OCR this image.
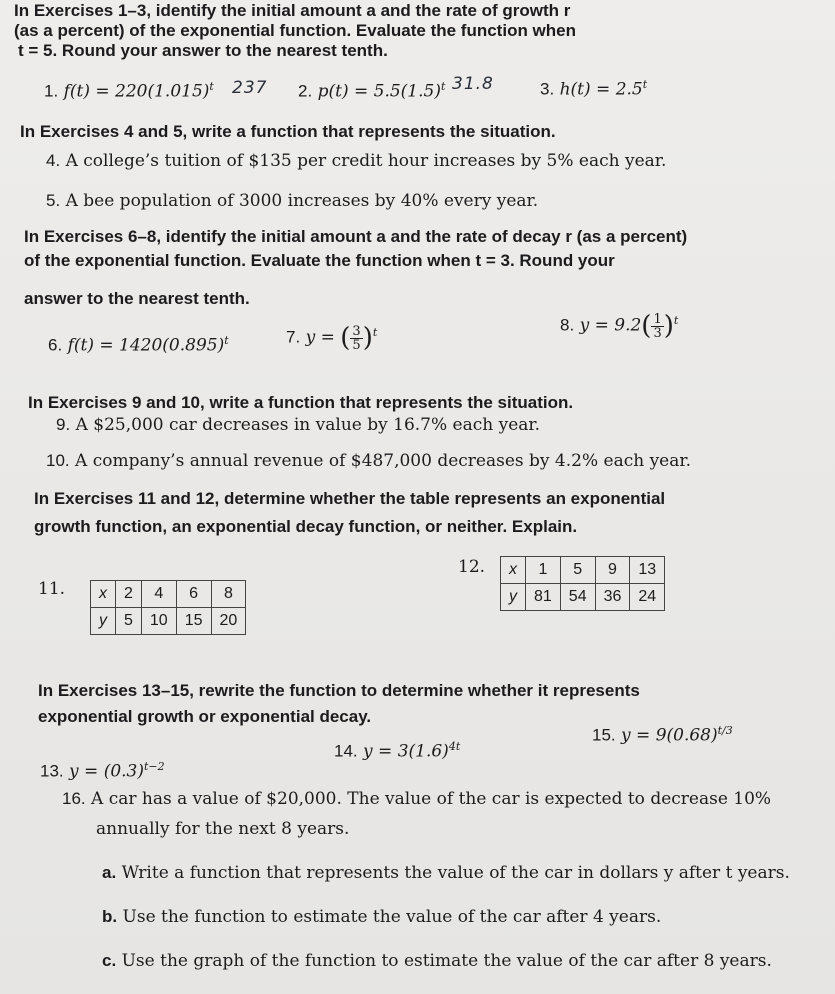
In Exercises 1–3, identify the initial amount a and the rate of growth r
(as a percent) of the exponential function. Evaluate the function when
t = 5. Round your answer to the nearest tenth.
1. $f(t) = 220(1.015)^t$ 237 2. $p(t) = 5.5(1.5)^t$ 31.8	3. $h(t) = 2.5^t$
In Exercises 4 and 5, write a function that represents the situation.
4. A college’s tuition of $135 per credit hour increases by 5% each year.
5. A bee population of 3000 increases by 40% every year.
In Exercises 6–8, identify the initial amount a and the rate of decay r (as a percent)
of the exponential function. Evaluate the function when t = 3. Round your
answer to the nearest tenth.
6. $f(t) = 1420(0.895)^t$	7. y = ( $\frac{3}{5} )^t$	8. $y = 9.2( \frac{1}{3} )^t$
In Exercises 9 and 10, write a function that represents the situation.
9. A $25,000 car decreases in value by 16.7% each year.
10. A company’s annual revenue of $487,000 decreases by 4.2% each year.
In Exercises 11 and 12, determine whether the table represents an exponential
growth function, an exponential decay function, or neither. Explain.
11. x	2	4	6	8
y	5	10	15	20
12. x	1	5	9	13
y	81	54	36	24
In Exercises 13–15, rewrite the function to determine whether it represents
exponential growth or exponential decay.
13. $y = (0.3)^{t-2}$
14. $y = 3(1.6)^{4t}$
15. $y = 9(0.68)^{t/3}$
16. A car has a value of $20,000. The value of the car is expected to decrease 10%
annually for the next 8 years.
a. Write a function that represents the value of the car in dollars y after t years.
b. Use the function to estimate the value of the car after 4 years.
c. Use the graph of the function to estimate the value of the car after 8 years.
